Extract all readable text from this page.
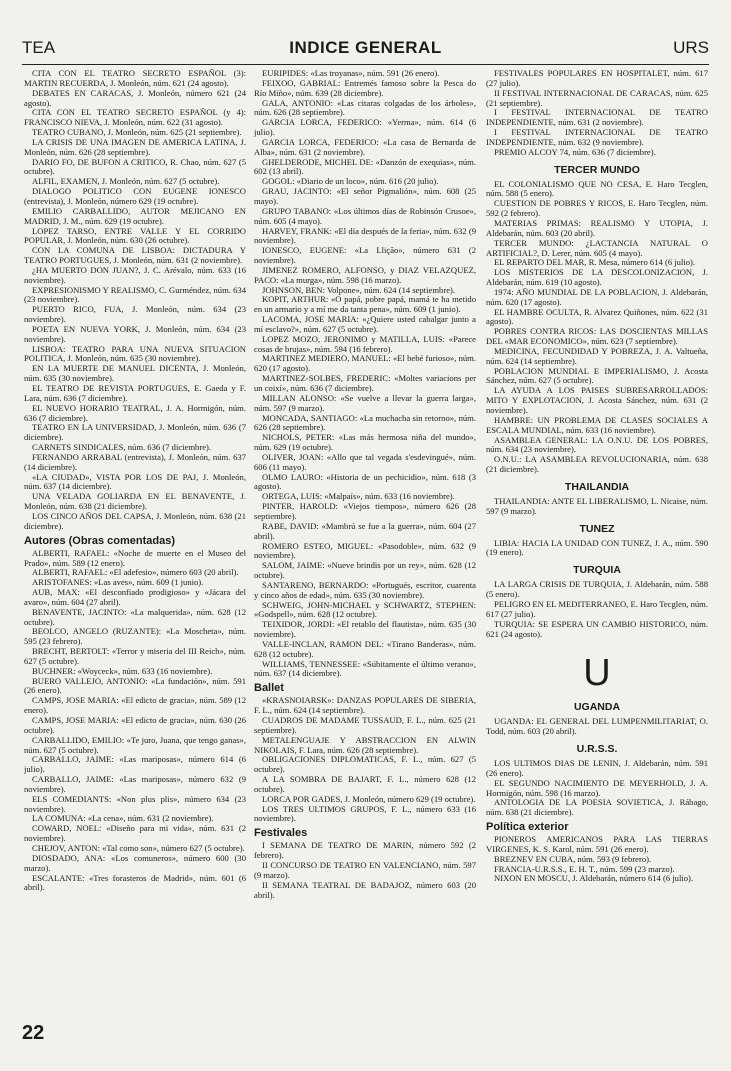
TEA	INDICE GENERAL	URS

CITA CON EL TEATRO SECRETO ESPAÑOL (3): MARTIN RECUERDA, J. Monleón, núm. 621 (24 agosto).

DEBATES EN CARACAS, J. Monleón, número 621 (24 agosto).

CITA CON EL TEATRO SECRETO ESPAÑOL (y 4): FRANCISCO NIEVA, J. Monleón, núm. 622 (31 agosto).

TEATRO CUBANO, J. Monleón, núm. 625 (21 septiembre).

LA CRISIS DE UNA IMAGEN DE AMERICA LATINA, J. Monleón, núm. 626 (28 septiembre).

DARIO FO, DE BUFON A CRITICO, R. Chao, núm. 627 (5 octubre).

ALFIL, EXAMEN, J. Monleón, núm. 627 (5 octubre).

DIALOGO POLITICO CON EUGENE IONESCO (entrevista), J. Monleón, número 629 (19 octubre).

EMILIO CARBALLIDO, AUTOR MEJICANO EN MADRID, J. M., núm. 629 (19 octubre).

LOPEZ TARSO, ENTRE VALLE Y EL CORRIDO POPULAR, J. Monleón, núm. 630 (26 octubre).

CON LA COMUNA DE LISBOA: DICTADURA Y TEATRO PORTUGUES, J. Monleón, núm. 631 (2 noviembre).

¿HA MUERTO DON JUAN?, J. C. Arévalo, núm. 633 (16 noviembre).

EXPRESIONISMO Y REALISMO, C. Gurméndez, núm. 634 (23 noviembre).

PUERTO RICO, FUA, J. Monleón, núm. 634 (23 noviembre).

POETA EN NUEVA YORK, J. Monleón, núm. 634 (23 noviembre).

LISBOA: TEATRO PARA UNA NUEVA SITUACION POLITICA, J. Monleón, núm. 635 (30 noviembre).

EN LA MUERTE DE MANUEL DICENTA, J. Monleón, núm. 635 (30 noviembre).

EL TEATRO DE REVISTA PORTUGUES, E. Gaeda y F. Lara, núm. 636 (7 diciembre).

EL NUEVO HORARIO TEATRAL, J. A. Hormigón, núm. 636 (7 diciembre).

TEATRO EN LA UNIVERSIDAD, J. Monleón, núm. 636 (7 diciembre).

CARNETS SINDICALES, núm. 636 (7 diciembre).

FERNANDO ARRABAL (entrevista), J. Monleón, núm. 637 (14 diciembre).

«LA CIUDAD», VISTA POR LOS DE PAJ, J. Monleón, núm. 637 (14 diciembre).

UNA VELADA GOLIARDA EN EL BENAVENTE, J. Monleón, núm. 638 (21 diciembre).

LOS CINCO AÑOS DEL CAPSA, J. Monleón, núm. 638 (21 diciembre).

Autores (Obras comentadas)

ALBERTI, RAFAEL: «Noche de muerte en el Museo del Prado», núm. 589 (12 enero).

ALBERTI, RAFAEL: «El adefesio», número 603 (20 abril).

ARISTOFANES: «Las aves», núm. 609 (1 junio).

AUB, MAX: «El desconfiado prodigioso» y «Jácara del avaro», núm. 604 (27 abril).

BENAVENTE, JACINTO: «La malquerida», núm. 628 (12 octubre).

BEOLCO, ANGELO (RUZANTE): «La Moscheta», núm. 595 (23 febrero).

BRECHT, BERTOLT: «Terror y miseria del III Reich», núm. 627 (5 octubre).

BUCHNER: «Woyceck», núm. 633 (16 noviembre).

BUERO VALLEJO, ANTONIO: «La fundación», núm. 591 (26 enero).

CAMPS, JOSE MARIA: «El edicto de gracia», núm. 589 (12 enero).

CAMPS, JOSE MARIA: «El edicto de gracia», núm. 630 (26 octubre).

CARBALLIDO, EMILIO: «Te juro, Juana, que tengo ganas», núm. 627 (5 octubre).

CARBALLO, JAIME: «Las mariposas», número 614 (6 julio).

CARBALLO, JAIME: «Las mariposas», número 632 (9 noviembre).

ELS COMEDIANTS: «Non plus plis», número 634 (23 noviembre).

LA COMUNA: «La cena», núm. 631 (2 noviembre).

COWARD, NOEL: «Diseño para mi vida», núm. 631 (2 noviembre).

CHEJOV, ANTON: «Tal como son», número 627 (5 octubre).

DIOSDADO, ANA: «Los comuneros», número 600 (30 marzo).

ESCALANTE: «Tres forasteros de Madrid», núm. 601 (6 abril).

EURIPIDES: «Las troyanas», núm. 591 (26 enero).

FEIXOO, GABRIAL: Entremés famoso sobre la Pesca do Río Miño», núm. 639 (28 diciembre).

GALA, ANTONIO: «Las citaras colgadas de los árboles», núm. 626 (28 septiembre).

GARCIA LORCA, FEDERICO: «Yerma», núm. 614 (6 julio).

GARCIA LORCA, FEDERICO: «La casa de Bernarda de Alba», núm. 631 (2 noviembre).

GHELDERODE, MICHEL DE: «Danzón de exequias», núm. 602 (13 abril).

GOGOL: «Diario de un loco», núm. 616 (20 julio).

GRAU, JACINTO: «El señor Pigmalión», núm. 608 (25 mayo).

GRUPO TABANO: «Los últimos días de Robinsón Crusoe», núm. 605 (4 mayo).

HARVEY, FRANK: «El día después de la feria», núm. 632 (9 noviembre).

IONESCO, EUGENE: «La Llição», número 631 (2 noviembre).

JIMENEZ ROMERO, ALFONSO, y DIAZ VELAZQUEZ, PACO: «La murga», núm. 598 (16 marzo).

JOHNSON, BEN: Volpone», núm. 624 (14 septiembre).

KOPIT, ARTHUR: «O papá, pobre papá, mamá te ha metido en un armario y a mí me da tanta pena», núm. 609 (1 junio).

LACOMA, JOSE MARIA: «¿Quiere usted cabalgar junto a mí esclavo?», núm. 627 (5 octubre).

LOPEZ MOZO, JERONIMO y MATILLA, LUIS: «Parece cosas de brujas», núm. 594 (16 febrero).

MARTINEZ MEDIERO, MANUEL: «El bebé furioso», núm. 620 (17 agosto).

MARTINEZ-SOLBES, FREDERIC: «Moltes variacions per un coixí», núm. 636 (7 diciembre).

MILLAN ALONSO: «Se vuelve a llevar la guerra larga», núm. 597 (9 marzo).

MONCADA, SANTIAGO: «La muchacha sin retorno», núm. 626 (28 septiembre).

NICHOLS, PETER: «Las más hermosa niña del mundo», núm. 629 (19 octubre).

OLIVER, JOAN: «Allo que tal vegada s'esdevingué», núm. 606 (11 mayo).

OLMO LAURO: «Historia de un pechicidio», núm. 618 (3 agosto).

ORTEGA, LUIS: «Malpaís», núm. 633 (16 noviembre).

PINTER, HAROLD: «Viejos tiempos», número 626 (28 septiembre).

RABE, DAVID: «Mambrú se fue a la guerra», núm. 604 (27 abril).

ROMERO ESTEO, MIGUEL: «Pasodoble», núm. 632 (9 noviembre).

SALOM, JAIME: «Nueve brindis por un rey», núm. 628 (12 octubre).

SANTARENO, BERNARDO: «Portugués, escritor, cuarenta y cinco años de edad», núm. 635 (30 noviembre).

SCHWEIG, JOHN-MICHAEL y SCHWARTZ, STEPHEN: «Godspell», núm. 628 (12 octubre).

TEIXIDOR, JORDI: «El retablo del flautista», núm. 635 (30 noviembre).

VALLE-INCLAN, RAMON DEL: «Tirano Banderas», núm. 628 (12 octubre).

WILLIAMS, TENNESSEE: «Súbitamente el último verano», núm. 637 (14 diciembre).

Ballet

«KRASNOIARSK»: DANZAS POPULARES DE SIBERIA, F. L., núm. 624 (14 septiembre).

CUADROS DE MADAME TUSSAUD, F. L., núm. 625 (21 septiembre).

METALENGUAJE Y ABSTRACCION EN ALWIN NIKOLAIS, F. Lara, núm. 626 (28 septiembre).

OBLIGACIONES DIPLOMATICAS, F. L., núm. 627 (5 octubre).

A LA SOMBRA DE BAJART, F. L., número 628 (12 octubre).

LORCA POR GADES, J. Monleón, número 629 (19 octubre).

LOS TRES ULTIMOS GRUPOS, F. L., número 633 (16 noviembre).

Festivales

I SEMANA DE TEATRO DE MARIN, número 592 (2 febrero).

II CONCURSO DE TEATRO EN VALENCIANO, núm. 597 (9 marzo).

II SEMANA TEATRAL DE BADAJOZ, número 603 (20 abril).

FESTIVALES POPULARES EN HOSPITALET, núm. 617 (27 julio).

II FESTIVAL INTERNACIONAL DE CARACAS, núm. 625 (21 septiembre).

I FESTIVAL INTERNACIONAL DE TEATRO INDEPENDIENTE, núm. 631 (2 noviembre).

I FESTIVAL INTERNACIONAL DE TEATRO INDEPENDIENTE, núm. 632 (9 noviembre).

PREMIO ALCOY 74, núm. 636 (7 diciembre).

TERCER MUNDO

EL COLONIALISMO QUE NO CESA, E. Haro Tecglen, núm. 588 (5 enero).

CUESTION DE POBRES Y RICOS, E. Haro Tecglen, núm. 592 (2 febrero).

MATERIAS PRIMAS: REALISMO Y UTOPIA, J. Aldebarán, núm. 603 (20 abril).

TERCER MUNDO: ¿LACTANCIA NATURAL O ARTIFICIAL?, D. Lerer, núm. 605 (4 mayo).

EL REPARTO DEL MAR, R. Mesa, número 614 (6 julio).

LOS MISTERIOS DE LA DESCOLONIZACION, J. Aldebarán, núm. 619 (10 agosto).

1974: AÑO MUNDIAL DE LA POBLACION, J. Aldebarán, núm. 620 (17 agosto).

EL HAMBRE OCULTA, R. Alvarez Quiñones, núm. 622 (31 agosto).

POBRES CONTRA RICOS: LAS DOSCIENTAS MILLAS DEL «MAR ECONOMICO», núm. 623 (7 septiembre).

MEDICINA, FECUNDIDAD Y POBREZA, J. A. Valtueña, núm. 624 (14 septiembre).

POBLACION MUNDIAL E IMPERIALISMO, J. Acosta Sánchez, núm. 627 (5 octubre).

LA AYUDA A LOS PAISES SUBRESARROLLADOS: MITO Y EXPLOTACION, J. Acosta Sánchez, núm. 631 (2 noviembre).

HAMBRE: UN PROBLEMA DE CLASES SOCIALES A ESCALA MUNDIAL, núm. 633 (16 noviembre).

ASAMBLEA GENERAL: LA O.N.U. DE LOS POBRES, núm. 634 (23 noviembre).

O.N.U.: LA ASAMBLEA REVOLUCIONARIA, núm. 638 (21 diciembre).

THAILANDIA

THAILANDIA: ANTE EL LIBERALISMO, L. Nicaise, núm. 597 (9 marzo).

TUNEZ

LIBIA: HACIA LA UNIDAD CON TUNEZ, J. A., núm. 590 (19 enero).

TURQUIA

LA LARGA CRISIS DE TURQUIA, J. Aldebarán, núm. 588 (5 enero).

PELIGRO EN EL MEDITERRANEO, E. Haro Tecglen, núm. 617 (27 julio).

TURQUIA: SE ESPERA UN CAMBIO HISTORICO, núm. 621 (24 agosto).

U
UGANDA

UGANDA: EL GENERAL DEL LUMPENMILITARIAT, O. Todd, núm. 603 (20 abril).

U.R.S.S.

LOS ULTIMOS DIAS DE LENIN, J. Aldebarán, núm. 591 (26 enero).

EL SEGUNDO NACIMIENTO DE MEYERHOLD, J. A. Hormigón, núm. 598 (16 marzo).

ANTOLOGIA DE LA POESIA SOVIETICA, J. Rábago, núm. 638 (21 diciembre).

Política exterior

PIONEROS AMERICANOS PARA LAS TIERRAS VIRGENES, K. S. Karol, núm. 591 (26 enero).

BREZNEV EN CUBA, núm. 593 (9 febrero).

FRANCIA-U.R.S.S., E. H. T., núm. 599 (23 marzo).

NIXON EN MOSCU, J. Aldebarán, número 614 (6 julio).

22
